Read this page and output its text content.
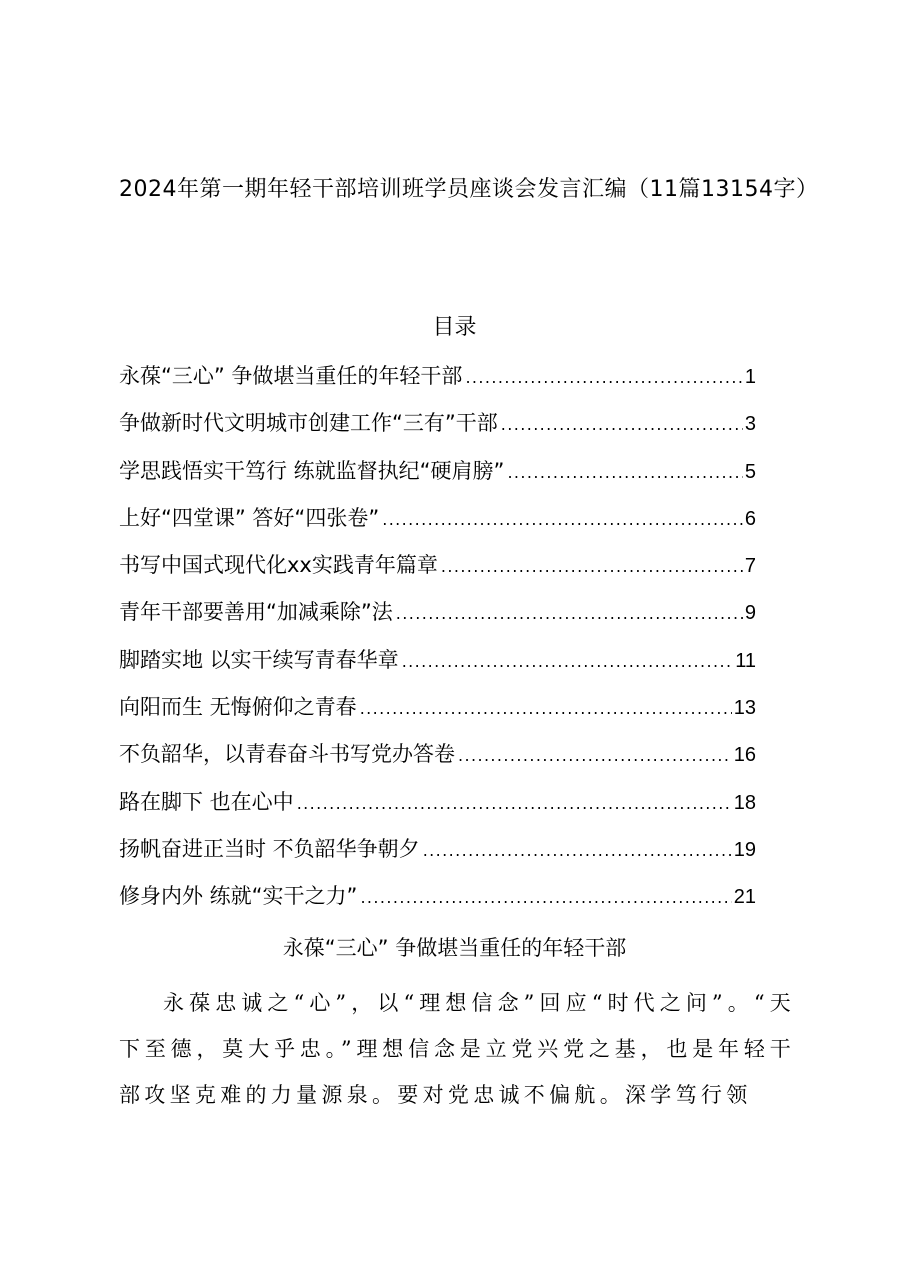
2024年第一期年轻干部培训班学员座谈会发言汇编（11篇13154字）
目录
永葆“三心” 争做堪当重任的年轻干部 .....	1
争做新时代文明城市创建工作“三有”干部 .....	3
学思践悟实干笃行 练就监督执纪“硬肩膀” .....	5
上好“四堂课” 答好“四张卷” .....	6
书写中国式现代化xx实践青年篇章 .....	7
青年干部要善用“加减乘除”法 .....	9
脚踏实地 以实干续写青春华章 .....	11
向阳而生 无悔俯仰之青春 .....	13
不负韶华，以青春奋斗书写党办答卷 .....	16
路在脚下 也在心中 .....	18
扬帆奋进正当时 不负韶华争朝夕 .....	19
修身内外 练就“实干之力” .....	21
永葆“三心” 争做堪当重任的年轻干部

永葆忠诚之“心”，以“理想信念”回应“时代之问”。“天下至德，莫大乎忠。”理想信念是立党兴党之基，也是年轻干部攻坚克难的力量源泉。要对党忠诚不偏航。深学笃行领
